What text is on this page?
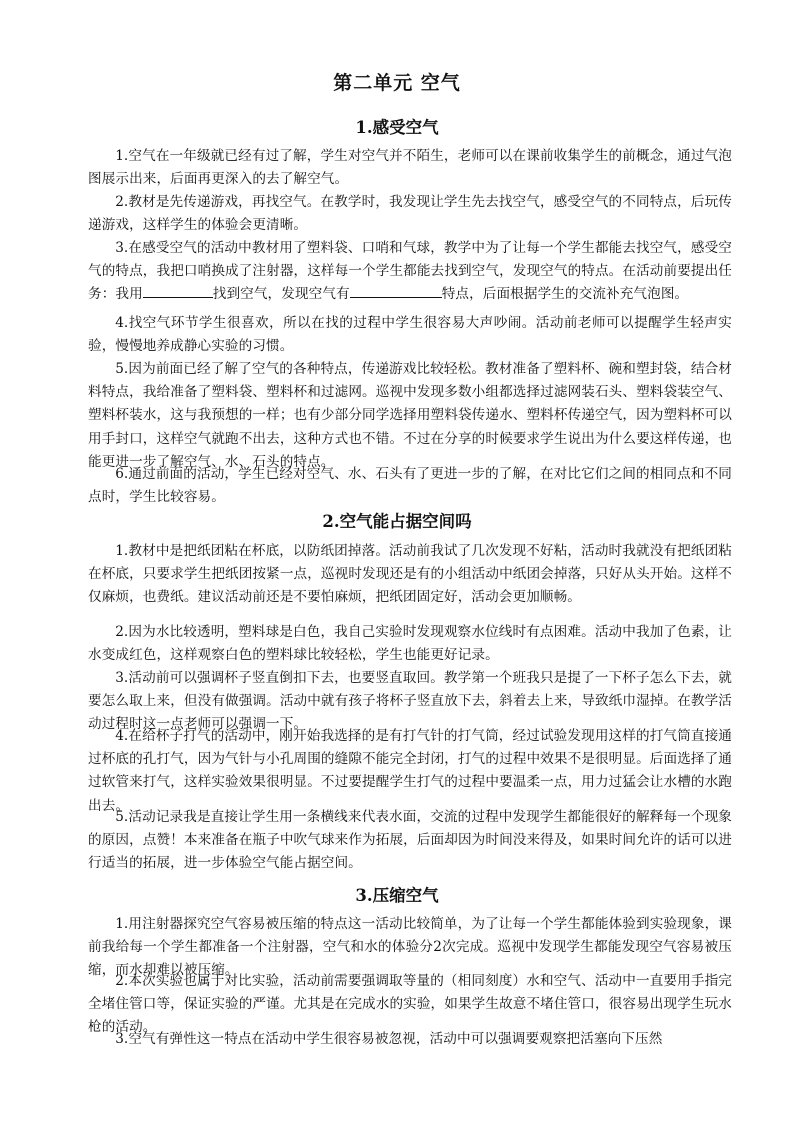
第二单元 空气
1.感受空气

1.空气在一年级就已经有过了解，学生对空气并不陌生，老师可以在课前收集学生的前概念，通过气泡图展示出来，后面再更深入的去了解空气。

2.教材是先传递游戏，再找空气。在教学时，我发现让学生先去找空气，感受空气的不同特点，后玩传递游戏，这样学生的体验会更清晰。

3.在感受空气的活动中教材用了塑料袋、口哨和气球，教学中为了让每一个学生都能去找空气，感受空气的特点，我把口哨换成了注射器，这样每一个学生都能去找到空气，发现空气的特点。在活动前要提出任务：我用	找到空气，发现空气有	特点，后面根据学生的交流补充气泡图。

4.找空气环节学生很喜欢，所以在找的过程中学生很容易大声吵闹。活动前老师可以提醒学生轻声实验，慢慢地养成静心实验的习惯。

5.因为前面已经了解了空气的各种特点，传递游戏比较轻松。教材准备了塑料杯、碗和塑封袋，结合材料特点，我给准备了塑料袋、塑料杯和过滤网。巡视中发现多数小组都选择过滤网装石头、塑料袋装空气、塑料杯装水，这与我预想的一样；也有少部分同学选择用塑料袋传递水、塑料杯传递空气，因为塑料杯可以用手封口，这样空气就跑不出去，这种方式也不错。不过在分享的时候要求学生说出为什么要这样传递，也能更进一步了解空气、水、石头的特点。

6.通过前面的活动，学生已经对空气、水、石头有了更进一步的了解，在对比它们之间的相同点和不同点时，学生比较容易。

2.空气能占据空间吗

1.教材中是把纸团粘在杯底，以防纸团掉落。活动前我试了几次发现不好粘，活动时我就没有把纸团粘在杯底，只要求学生把纸团按紧一点，巡视时发现还是有的小组活动中纸团会掉落，只好从头开始。这样不仅麻烦，也费纸。建议活动前还是不要怕麻烦，把纸团固定好，活动会更加顺畅。

2.因为水比较透明，塑料球是白色，我自己实验时发现观察水位线时有点困难。活动中我加了色素，让水变成红色，这样观察白色的塑料球比较轻松，学生也能更好记录。

3.活动前可以强调杯子竖直倒扣下去，也要竖直取回。教学第一个班我只是提了一下杯子怎么下去，就要怎么取上来，但没有做强调。活动中就有孩子将杯子竖直放下去，斜着去上来，导致纸巾湿掉。在教学活动过程时这一点老师可以强调一下。

4.在给杯子打气的活动中，刚开始我选择的是有打气针的打气筒，经过试验发现用这样的打气筒直接通过杯底的孔打气，因为气针与小孔周围的缝隙不能完全封闭，打气的过程中效果不是很明显。后面选择了通过软管来打气，这样实验效果很明显。不过要提醒学生打气的过程中要温柔一点，用力过猛会让水槽的水跑出去。

5.活动记录我是直接让学生用一条横线来代表水面，交流的过程中发现学生都能很好的解释每一个现象的原因，点赞！本来准备在瓶子中吹气球来作为拓展，后面却因为时间没来得及，如果时间允许的话可以进行适当的拓展，进一步体验空气能占据空间。

3.压缩空气

1.用注射器探究空气容易被压缩的特点这一活动比较简单，为了让每一个学生都能体验到实验现象，课前我给每一个学生都准备一个注射器，空气和水的体验分2次完成。巡视中发现学生都能发现空气容易被压缩，而水却难以被压缩。

2.本次实验也属于对比实验，活动前需要强调取等量的（相同刻度）水和空气、活动中一直要用手指完全堵住管口等，保证实验的严谨。尤其是在完成水的实验，如果学生故意不堵住管口，很容易出现学生玩水枪的活动。

3.空气有弹性这一特点在活动中学生很容易被忽视，活动中可以强调要观察把活塞向下压然
